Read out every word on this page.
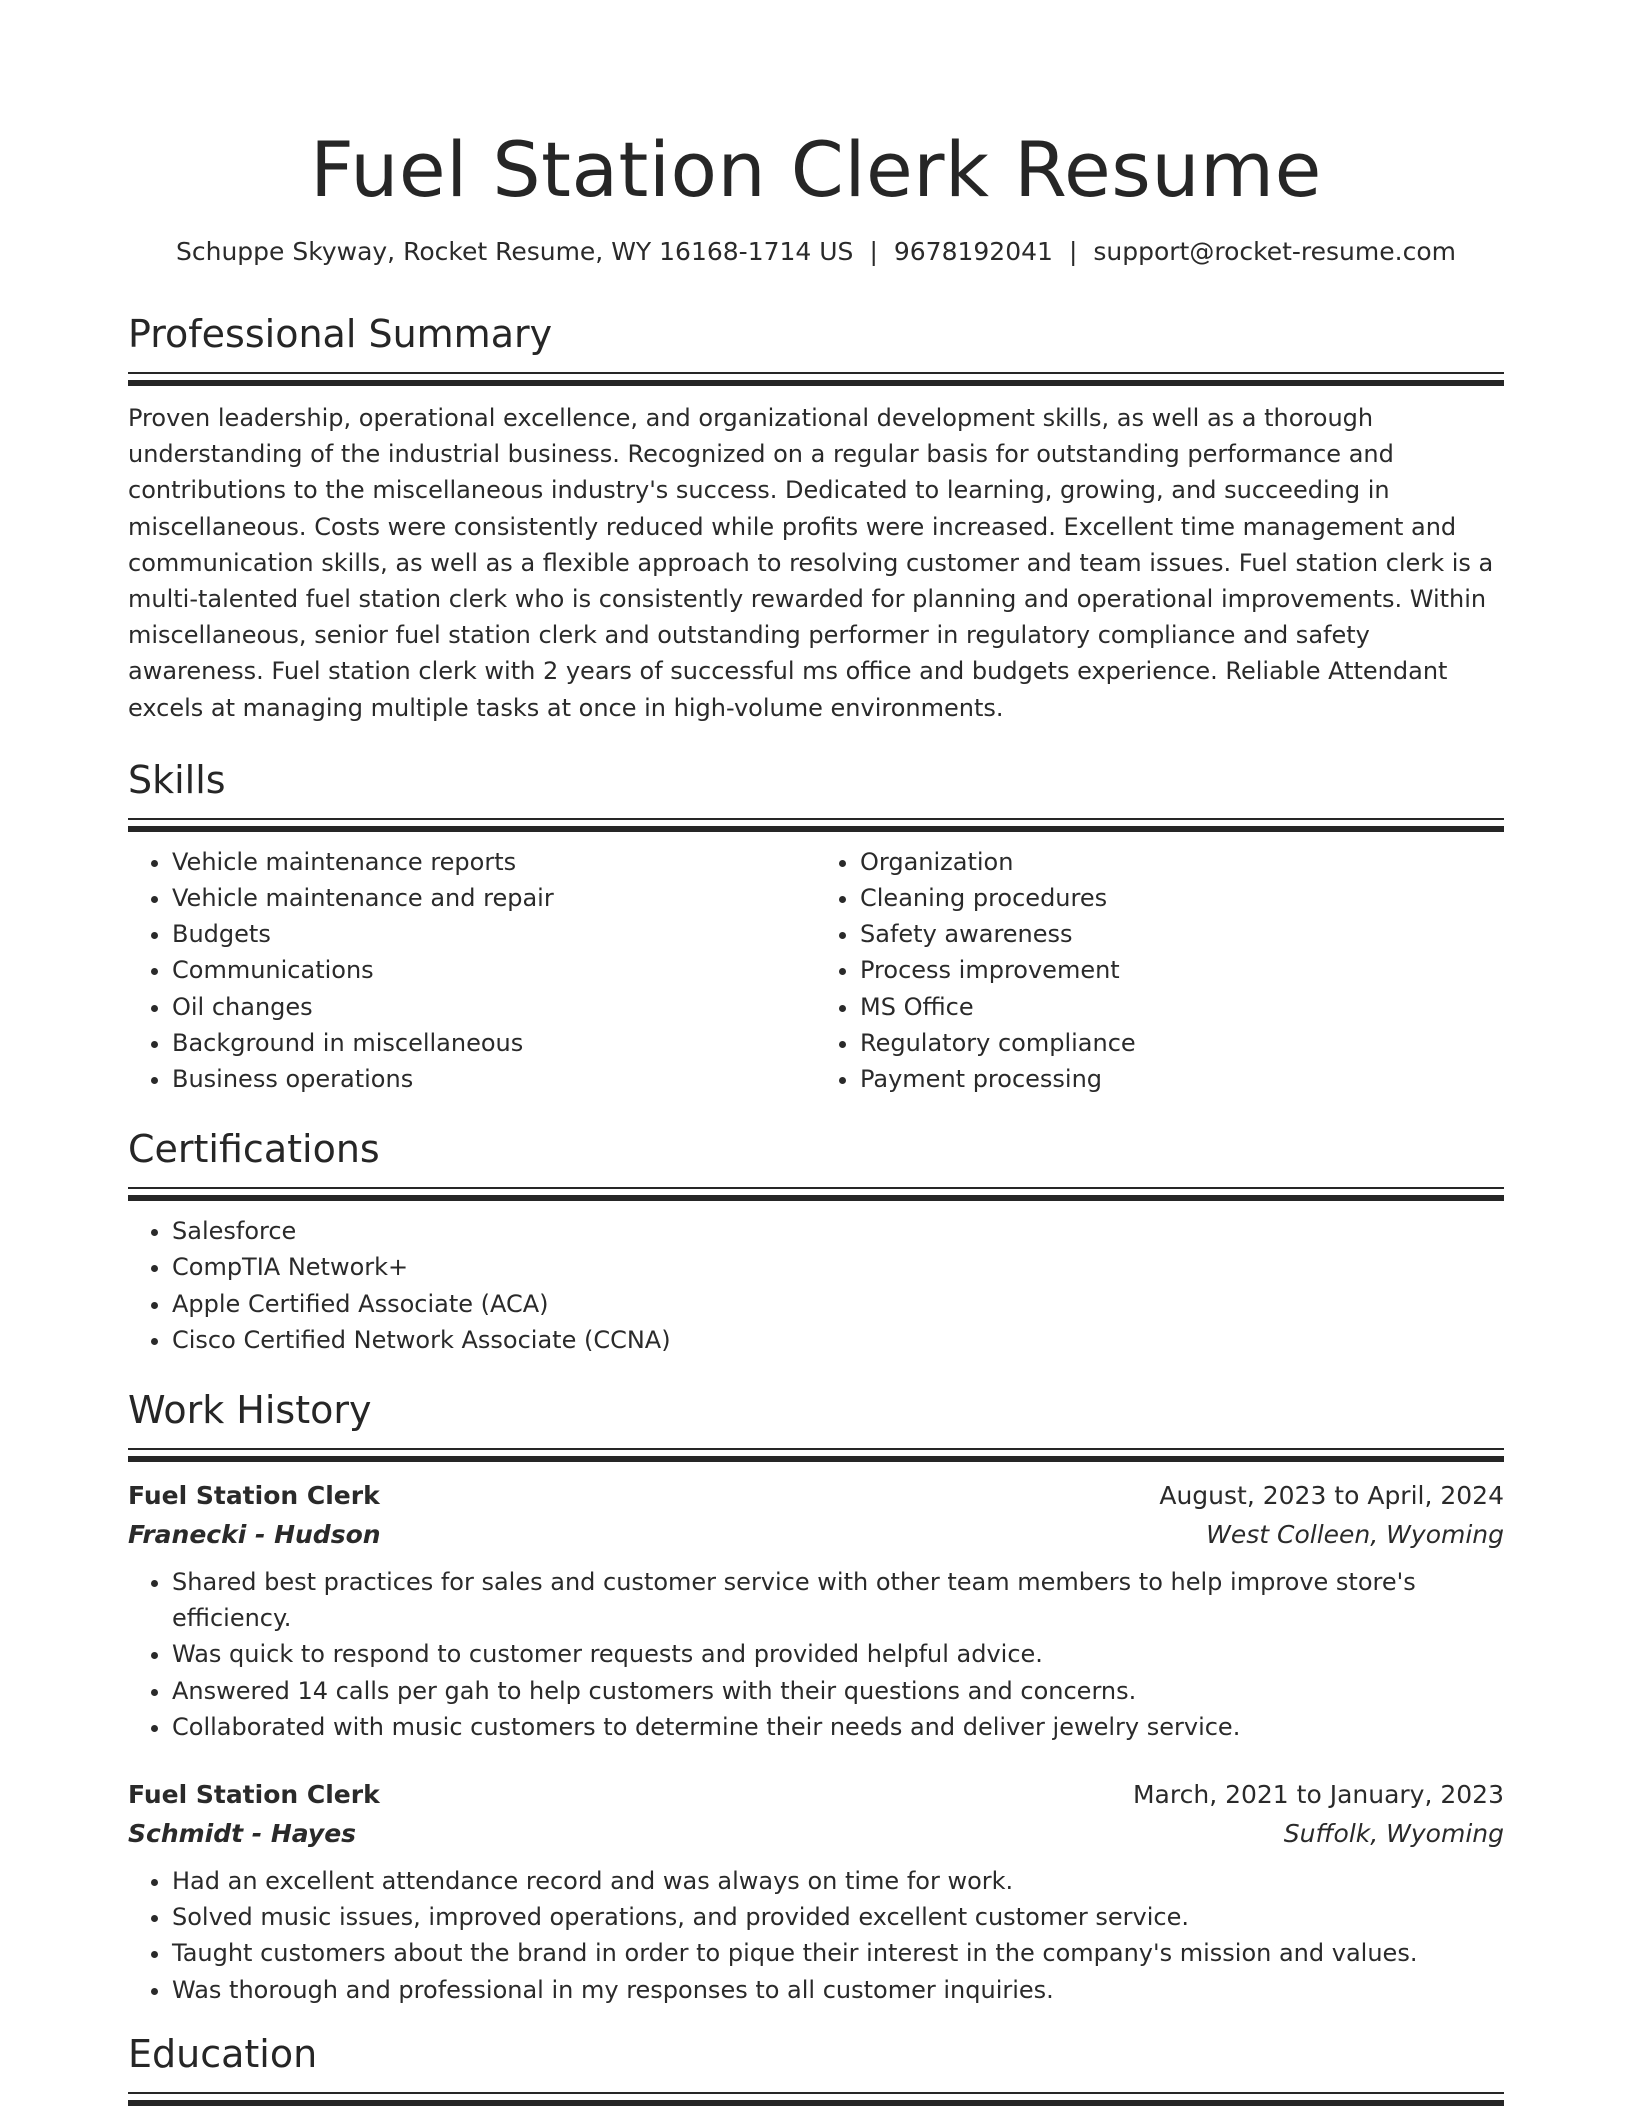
Fuel Station Clerk Resume
Schuppe Skyway, Rocket Resume, WY 16168-1714 US | 9678192041 | support@rocket-resume.com
Professional Summary
Proven leadership, operational excellence, and organizational development skills, as well as a thorough understanding of the industrial business. Recognized on a regular basis for outstanding performance and contributions to the miscellaneous industry's success. Dedicated to learning, growing, and succeeding in miscellaneous. Costs were consistently reduced while profits were increased. Excellent time management and communication skills, as well as a flexible approach to resolving customer and team issues. Fuel station clerk is a multi-talented fuel station clerk who is consistently rewarded for planning and operational improvements. Within miscellaneous, senior fuel station clerk and outstanding performer in regulatory compliance and safety awareness. Fuel station clerk with 2 years of successful ms office and budgets experience. Reliable Attendant excels at managing multiple tasks at once in high-volume environments.
Skills
• Vehicle maintenance reports
• Vehicle maintenance and repair
• Budgets
• Communications
• Oil changes
• Background in miscellaneous
• Business operations
• Organization
• Cleaning procedures
• Safety awareness
• Process improvement
• MS Office
• Regulatory compliance
• Payment processing
Certifications
• Salesforce
• CompTIA Network+
• Apple Certified Associate (ACA)
• Cisco Certified Network Associate (CCNA)
Work History
Fuel Station Clerk	August, 2023 to April, 2024
Franecki - Hudson	West Colleen, Wyoming
• Shared best practices for sales and customer service with other team members to help improve store's efficiency.
• Was quick to respond to customer requests and provided helpful advice.
• Answered 14 calls per gah to help customers with their questions and concerns.
• Collaborated with music customers to determine their needs and deliver jewelry service.
Fuel Station Clerk	March, 2021 to January, 2023
Schmidt - Hayes	Suffolk, Wyoming
• Had an excellent attendance record and was always on time for work.
• Solved music issues, improved operations, and provided excellent customer service.
• Taught customers about the brand in order to pique their interest in the company's mission and values.
• Was thorough and professional in my responses to all customer inquiries.
Education
